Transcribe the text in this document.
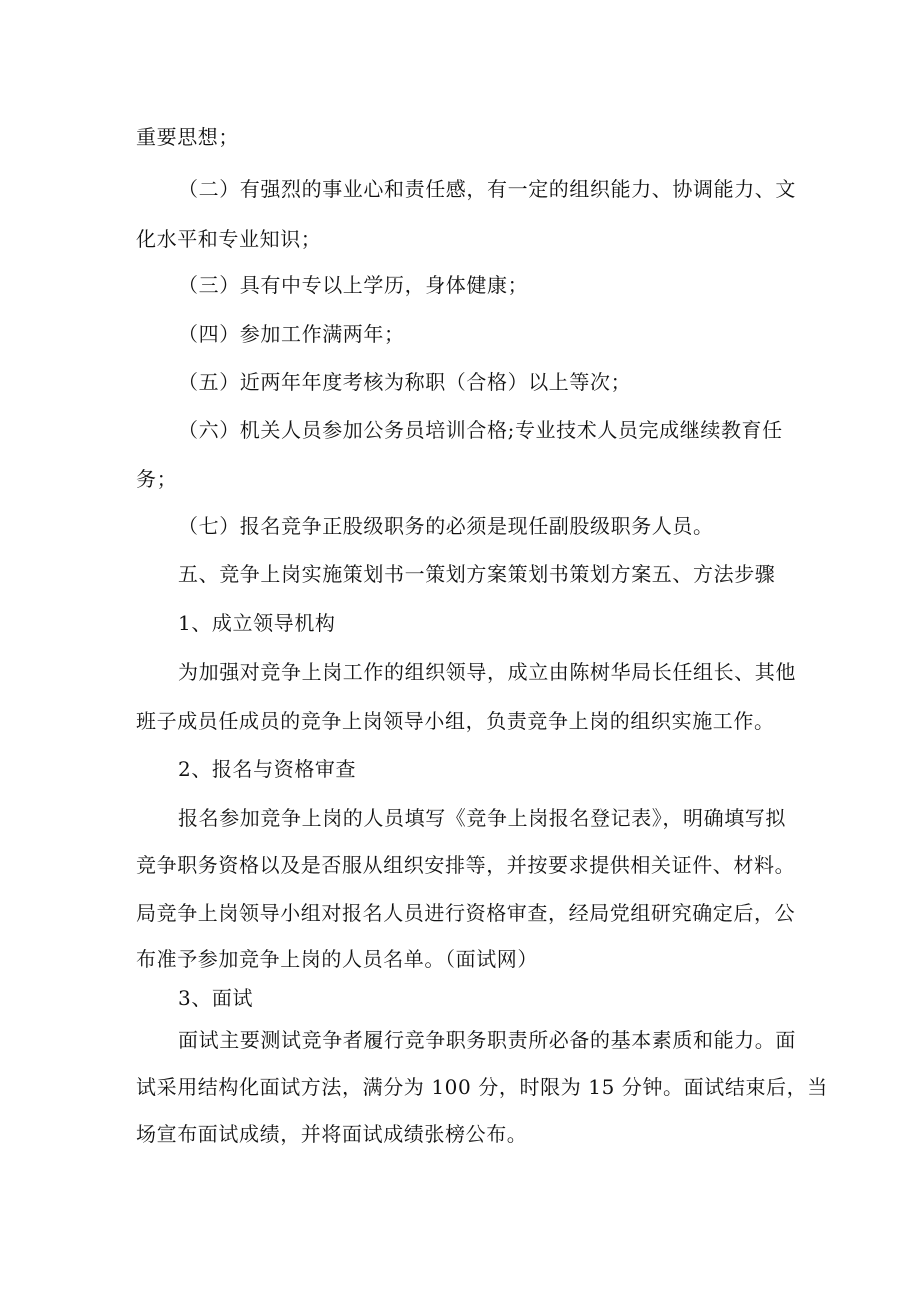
重要思想；
（二）有强烈的事业心和责任感，有一定的组织能力、协调能力、文
化水平和专业知识；
（三）具有中专以上学历，身体健康；
（四）参加工作满两年；
（五）近两年年度考核为称职（合格）以上等次；
（六）机关人员参加公务员培训合格;专业技术人员完成继续教育任
务；
（七）报名竞争正股级职务的必须是现任副股级职务人员。
五、竞争上岗实施策划书一策划方案策划书策划方案五、方法步骤
1、成立领导机构
为加强对竞争上岗工作的组织领导，成立由陈树华局长任组长、其他
班子成员任成员的竞争上岗领导小组，负责竞争上岗的组织实施工作。
2、报名与资格审查
报名参加竞争上岗的人员填写《竞争上岗报名登记表》，明确填写拟
竞争职务资格以及是否服从组织安排等，并按要求提供相关证件、材料。
局竞争上岗领导小组对报名人员进行资格审查，经局党组研究确定后，公
布准予参加竞争上岗的人员名单。（面试网）
3、面试
面试主要测试竞争者履行竞争职务职责所必备的基本素质和能力。面
试采用结构化面试方法，满分为 100 分，时限为 15 分钟。面试结束后，当
场宣布面试成绩，并将面试成绩张榜公布。
